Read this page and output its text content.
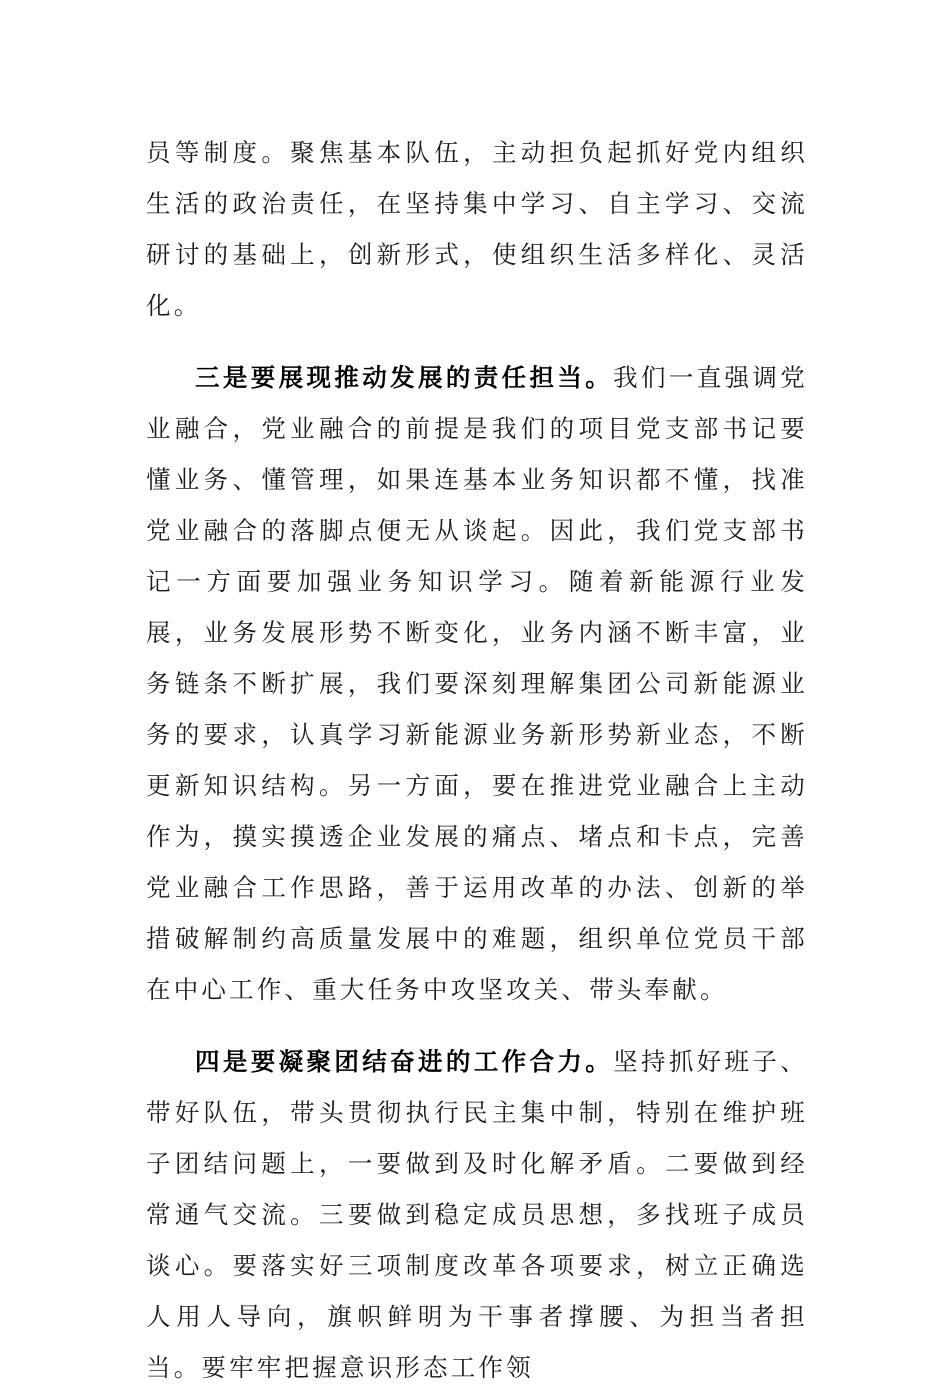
员等制度。聚焦基本队伍，主动担负起抓好党内组织生活的政治责任，在坚持集中学习、自主学习、交流研讨的基础上，创新形式，使组织生活多样化、灵活化。

三是要展现推动发展的责任担当。我们一直强调党业融合，党业融合的前提是我们的项目党支部书记要懂业务、懂管理，如果连基本业务知识都不懂，找准党业融合的落脚点便无从谈起。因此，我们党支部书记一方面要加强业务知识学习。随着新能源行业发展，业务发展形势不断变化，业务内涵不断丰富，业务链条不断扩展，我们要深刻理解集团公司新能源业务的要求，认真学习新能源业务新形势新业态，不断更新知识结构。另一方面，要在推进党业融合上主动作为，摸实摸透企业发展的痛点、堵点和卡点，完善党业融合工作思路，善于运用改革的办法、创新的举措破解制约高质量发展中的难题，组织单位党员干部在中心工作、重大任务中攻坚攻关、带头奉献。

四是要凝聚团结奋进的工作合力。坚持抓好班子、带好队伍，带头贯彻执行民主集中制，特别在维护班子团结问题上，一要做到及时化解矛盾。二要做到经常通气交流。三要做到稳定成员思想，多找班子成员谈心。要落实好三项制度改革各项要求，树立正确选人用人导向，旗帜鲜明为干事者撑腰、为担当者担当。要牢牢把握意识形态工作领
